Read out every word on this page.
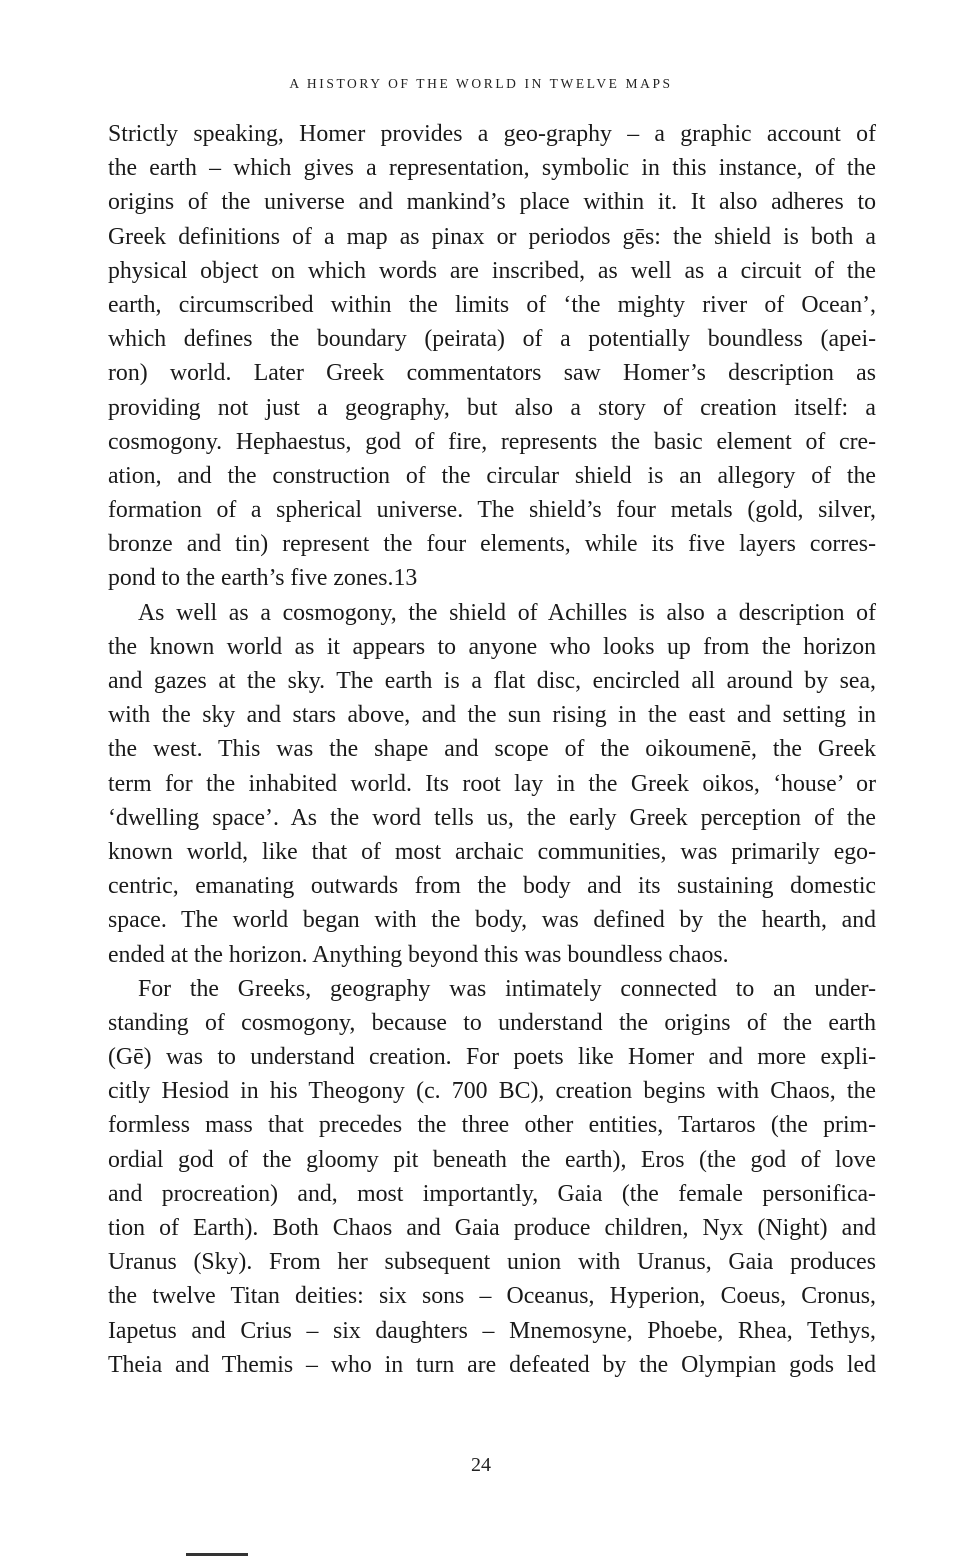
A HISTORY OF THE WORLD IN TWELVE MAPS
Strictly speaking, Homer provides a geo-graphy – a graphic account of
the earth – which gives a representation, symbolic in this instance, of the
origins of the universe and mankind’s place within it. It also adheres to
Greek definitions of a map as pinax or periodos gēs: the shield is both a
physical object on which words are inscribed, as well as a circuit of the
earth, circumscribed within the limits of ‘the mighty river of Ocean’,
which defines the boundary (peirata) of a potentially boundless (apei-
ron) world. Later Greek commentators saw Homer’s description as
providing not just a geography, but also a story of creation itself: a
cosmogony. Hephaestus, god of fire, represents the basic element of cre-
ation, and the construction of the circular shield is an allegory of the
formation of a spherical universe. The shield’s four metals (gold, silver,
bronze and tin) represent the four elements, while its five layers corres-
pond to the earth’s five zones.13
As well as a cosmogony, the shield of Achilles is also a description of
the known world as it appears to anyone who looks up from the horizon
and gazes at the sky. The earth is a flat disc, encircled all around by sea,
with the sky and stars above, and the sun rising in the east and setting in
the west. This was the shape and scope of the oikoumenē, the Greek
term for the inhabited world. Its root lay in the Greek oikos, ‘house’ or
‘dwelling space’. As the word tells us, the early Greek perception of the
known world, like that of most archaic communities, was primarily ego-
centric, emanating outwards from the body and its sustaining domestic
space. The world began with the body, was defined by the hearth, and
ended at the horizon. Anything beyond this was boundless chaos.
For the Greeks, geography was intimately connected to an under-
standing of cosmogony, because to understand the origins of the earth
(Gē) was to understand creation. For poets like Homer and more expli-
citly Hesiod in his Theogony (c. 700 BC), creation begins with Chaos, the
formless mass that precedes the three other entities, Tartaros (the prim-
ordial god of the gloomy pit beneath the earth), Eros (the god of love
and procreation) and, most importantly, Gaia (the female personifica-
tion of Earth). Both Chaos and Gaia produce children, Nyx (Night) and
Uranus (Sky). From her subsequent union with Uranus, Gaia produces
the twelve Titan deities: six sons – Oceanus, Hyperion, Coeus, Cronus,
Iapetus and Crius – six daughters – Mnemosyne, Phoebe, Rhea, Tethys,
Theia and Themis – who in turn are defeated by the Olympian gods led
24
